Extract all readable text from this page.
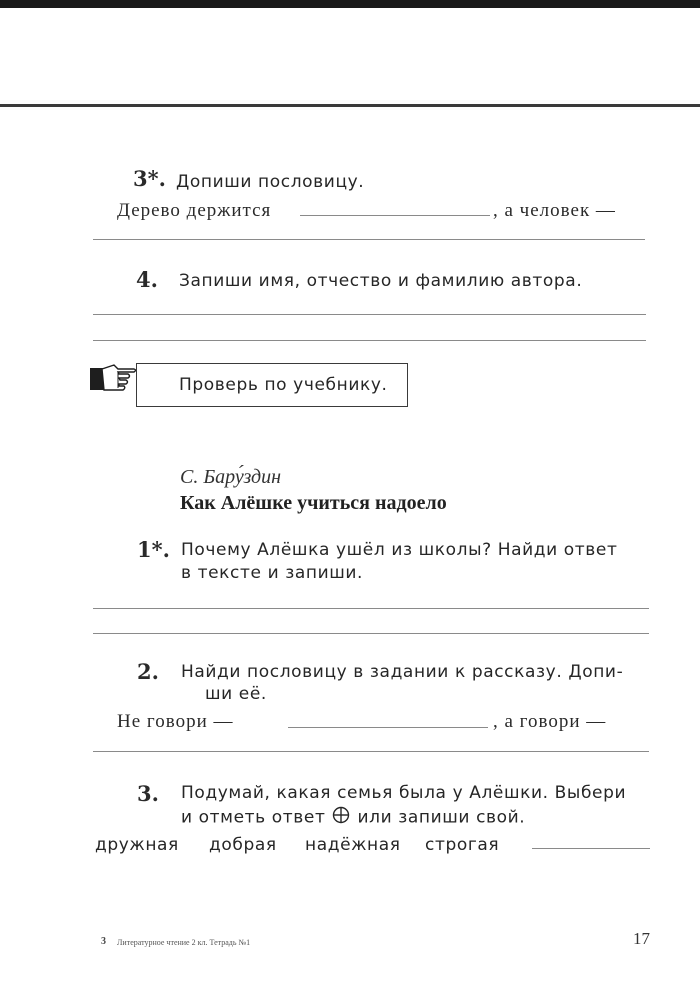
3*. Допиши пословицу.
Дерево держится	, а человек —
4. Запиши имя, отчество и фамилию автора.
Проверь по учебнику.
С. Бару́здин
Как Алёшке учиться надоело
1*. Почему Алёшка ушёл из школы? Найди ответ
в тексте и запиши.
2. Найди пословицу в задании к рассказу. Допи-
ши её.
Не говори —	, а говори —
3. Подумай, какая семья была у Алёшки. Выбери
и отметь ответ или запиши свой.
дружная добрая надёжная строгая
3 Литературное чтение 2 кл. Тетрадь №1	17
